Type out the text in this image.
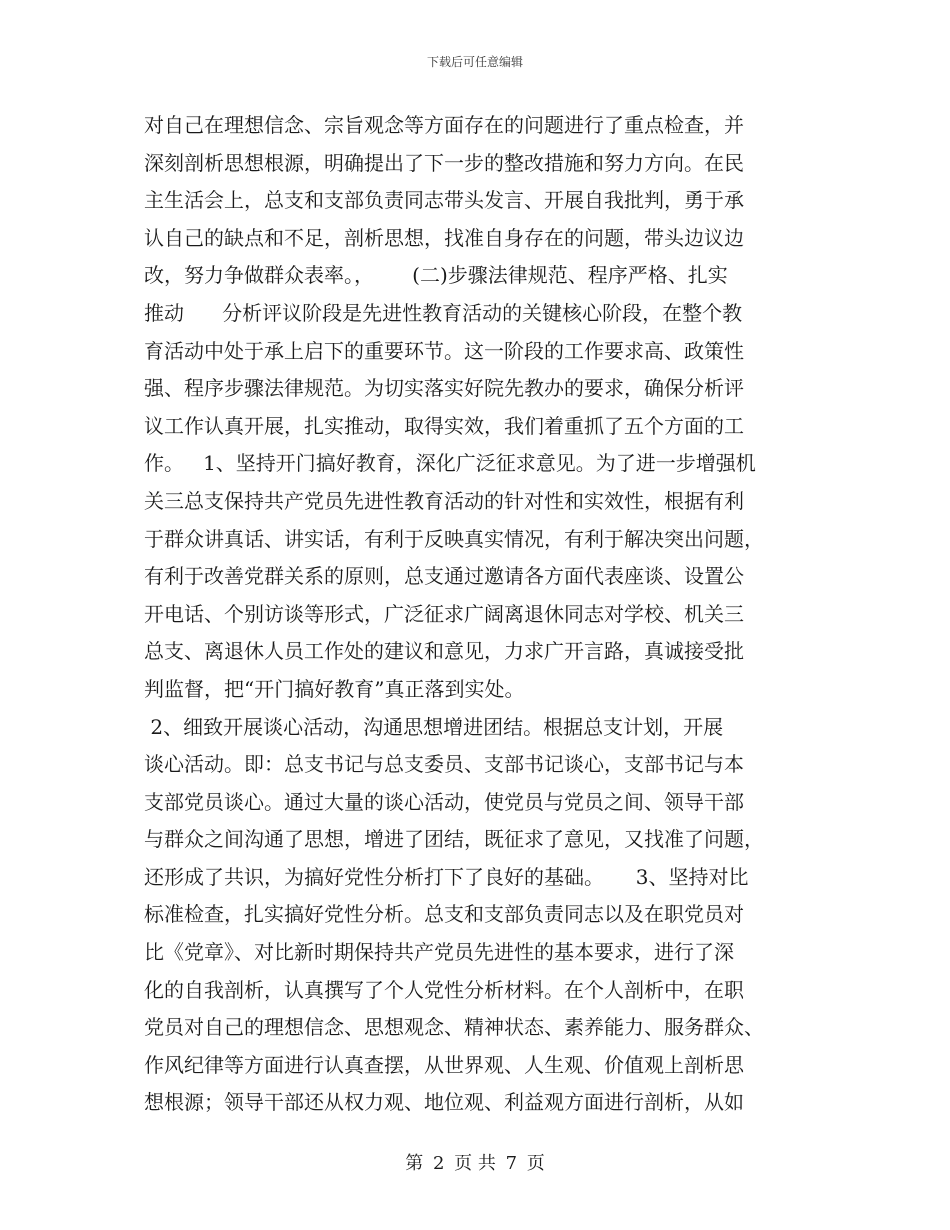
下载后可任意编辑
对自己在理想信念、宗旨观念等方面存在的问题进行了重点检查，并
深刻剖析思想根源，明确提出了下一步的整改措施和努力方向。在民
主生活会上，总支和支部负责同志带头发言、开展自我批判，勇于承
认自己的缺点和不足，剖析思想，找准自身存在的问题，带头边议边
改，努力争做群众表率。，      (二)步骤法律规范、程序严格、扎实
推动      分析评议阶段是先进性教育活动的关键核心阶段，在整个教
育活动中处于承上启下的重要环节。这一阶段的工作要求高、政策性
强、程序步骤法律规范。为切实落实好院先教办的要求，确保分析评
议工作认真开展，扎实推动，取得实效，我们着重抓了五个方面的工
作。   1、坚持开门搞好教育，深化广泛征求意见。为了进一步增强机
关三总支保持共产党员先进性教育活动的针对性和实效性，根据有利
于群众讲真话、讲实话，有利于反映真实情况，有利于解决突出问题，
有利于改善党群关系的原则，总支通过邀请各方面代表座谈、设置公
开电话、个别访谈等形式，广泛征求广阔离退休同志对学校、机关三
总支、离退休人员工作处的建议和意见，力求广开言路，真诚接受批
判监督，把“开门搞好教育”真正落到实处。
2、细致开展谈心活动，沟通思想增进团结。根据总支计划，开展
谈心活动。即：总支书记与总支委员、支部书记谈心，支部书记与本
支部党员谈心。通过大量的谈心活动，使党员与党员之间、领导干部
与群众之间沟通了思想，增进了团结，既征求了意见，又找准了问题，
还形成了共识，为搞好党性分析打下了良好的基础。     3、坚持对比
标准检查，扎实搞好党性分析。总支和支部负责同志以及在职党员对
比《党章》、对比新时期保持共产党员先进性的基本要求，进行了深
化的自我剖析，认真撰写了个人党性分析材料。在个人剖析中，在职
党员对自己的理想信念、思想观念、精神状态、素养能力、服务群众、
作风纪律等方面进行认真查摆，从世界观、人生观、价值观上剖析思
想根源；领导干部还从权力观、地位观、利益观方面进行剖析，从如
第 2 页 共 7 页
